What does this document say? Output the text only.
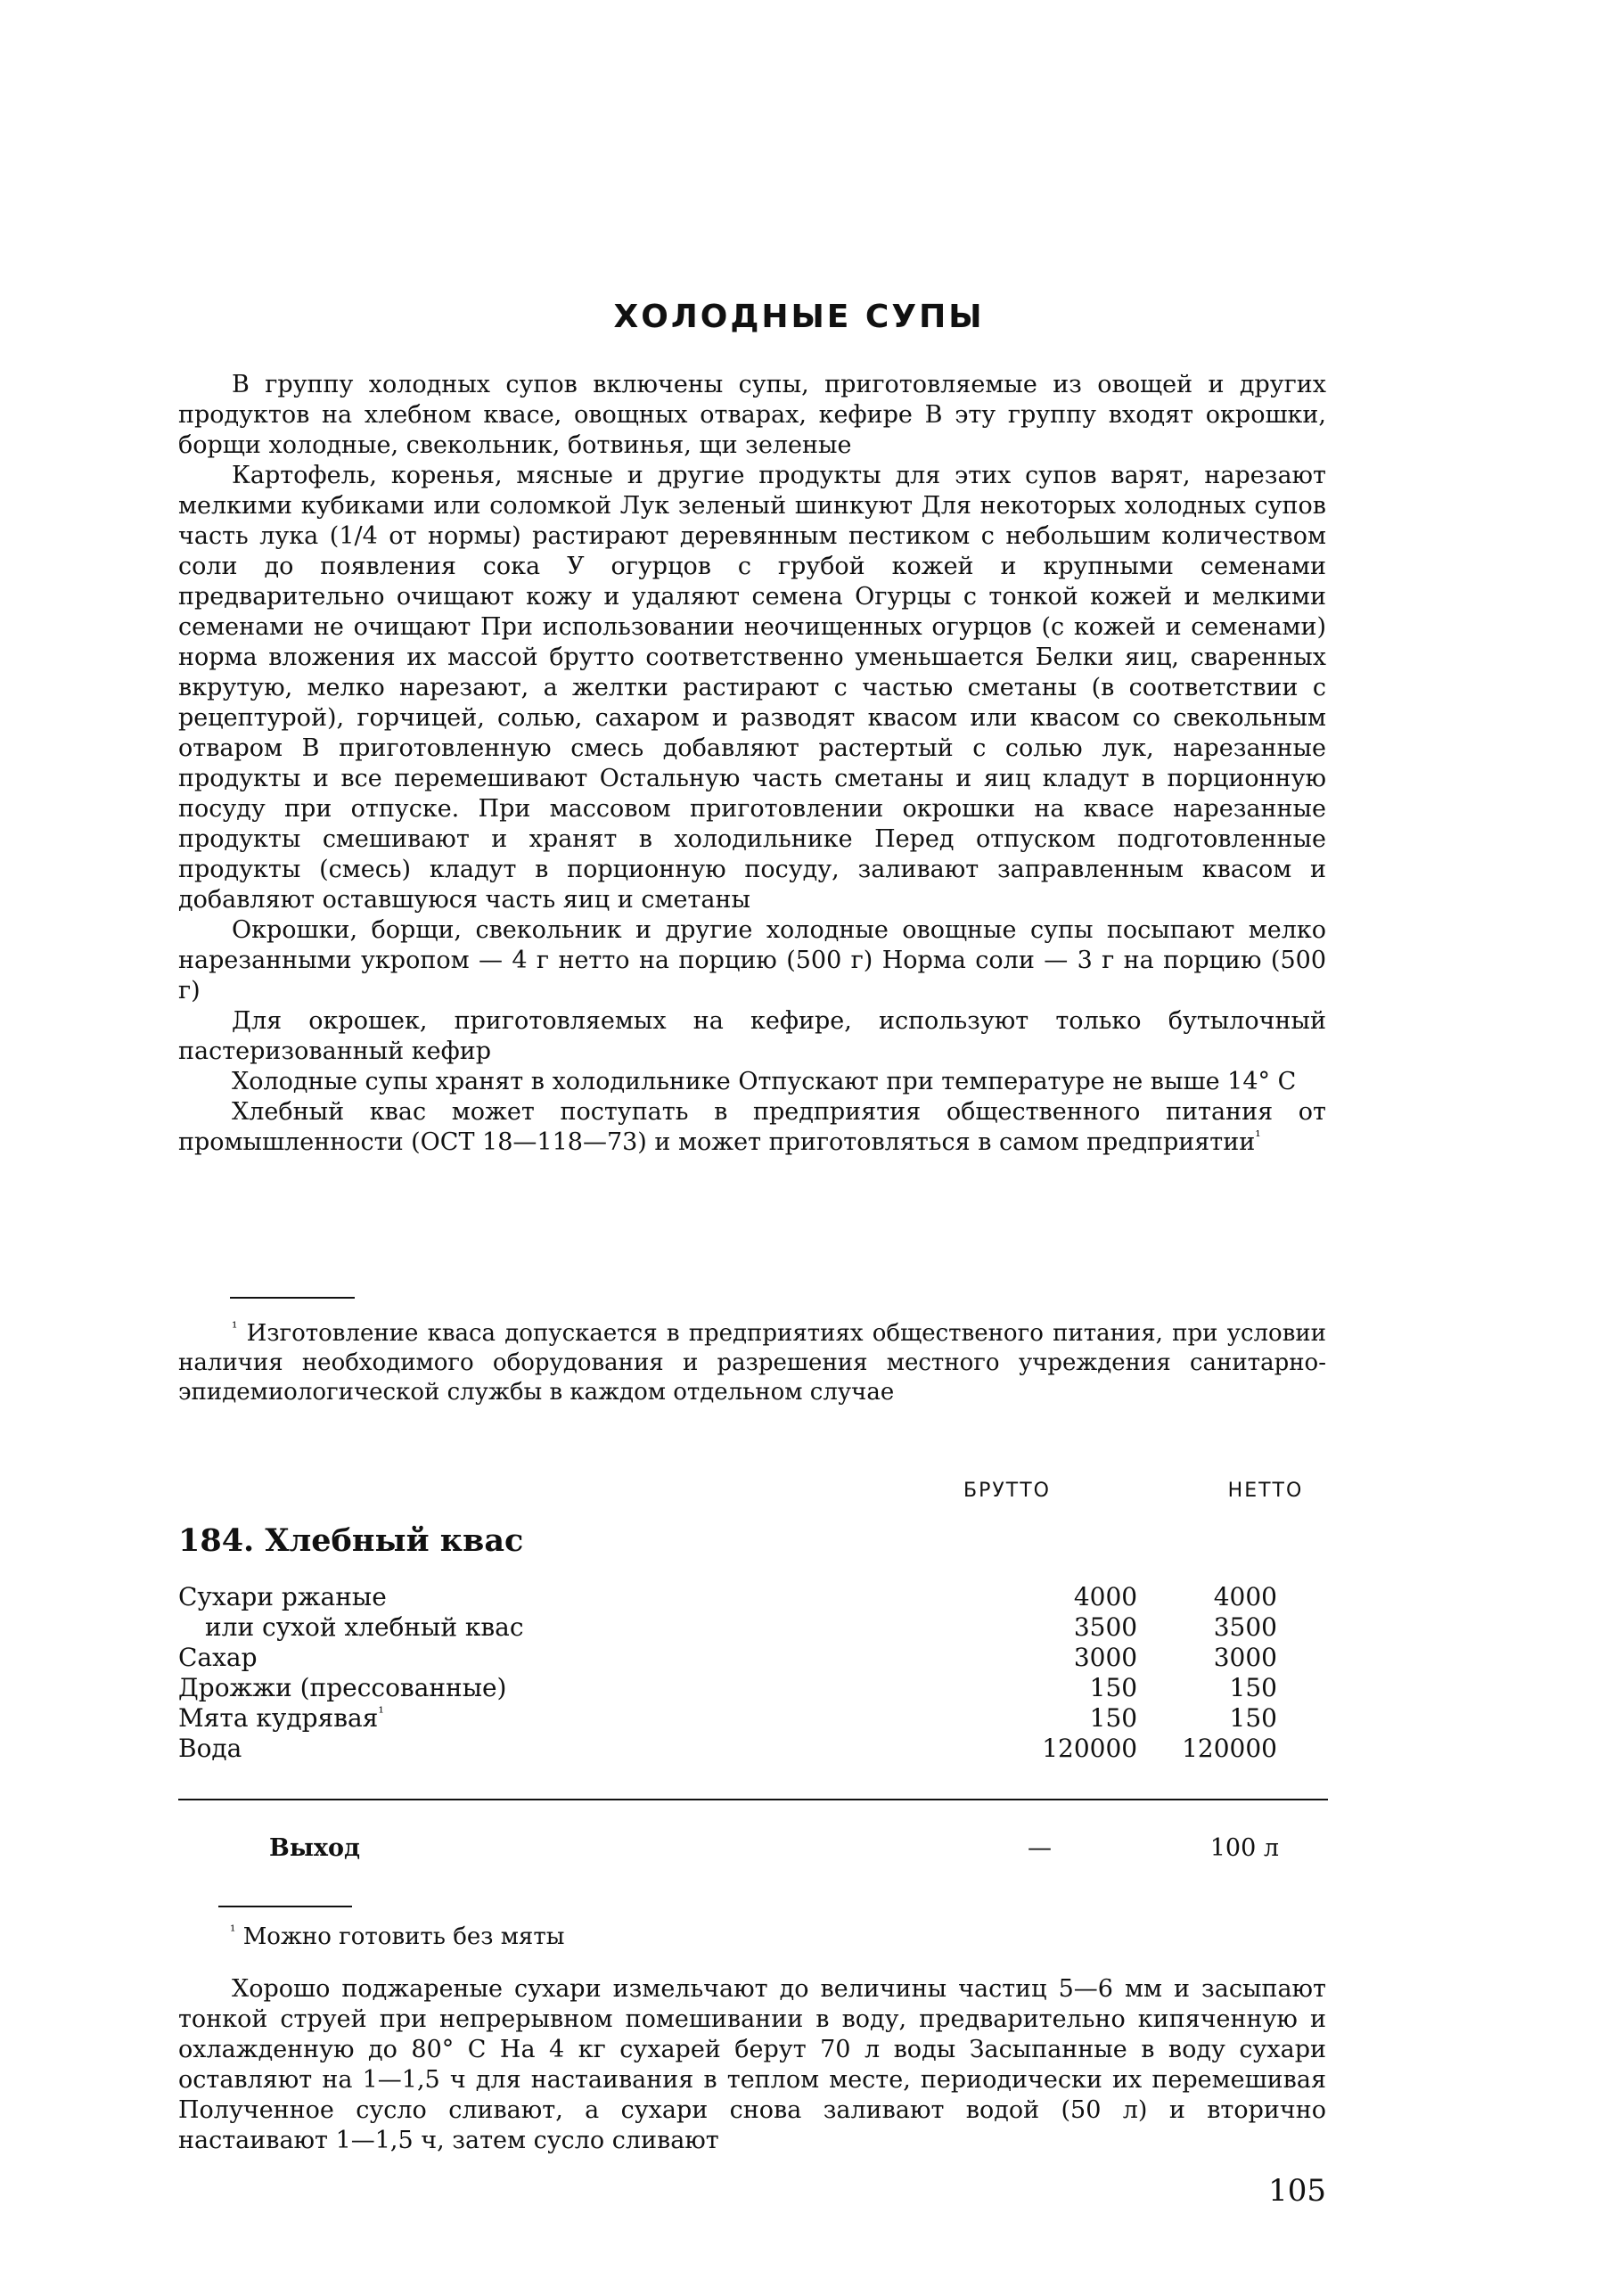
ХОЛОДНЫЕ СУПЫ

В группу холодных супов включены супы, приготовляемые из овощей и других продуктов на хлебном квасе, овощных отварах, кефире В эту группу входят окрошки, борщи холодные, свекольник, ботвинья, щи зеленые

Картофель, коренья, мясные и другие продукты для этих супов варят, нарезают мелкими кубиками или соломкой Лук зеленый шинкуют Для некоторых холодных супов часть лука (1/4 от нормы) растирают деревянным пестиком с небольшим количеством соли до появления сока У огурцов с грубой кожей и крупными семенами предварительно очищают кожу и удаляют семена Огурцы с тонкой кожей и мелкими семенами не очищают При использовании неочищенных огурцов (с кожей и семенами) норма вложения их массой брутто соответственно уменьшается Белки яиц, сваренных вкрутую, мелко нарезают, а желтки растирают с частью сметаны (в соответствии с рецептурой), горчицей, солью, сахаром и разводят квасом или квасом со свекольным отваром В приготовленную смесь добавляют растертый с солью лук, нарезанные продукты и все перемешивают Остальную часть сметаны и яиц кладут в порционную посуду при отпуске. При массовом приготовлении окрошки на квасе нарезанные продукты смешивают и хранят в холодильнике Перед отпуском подготовленные продукты (смесь) кладут в порционную посуду, заливают заправленным квасом и добавляют оставшуюся часть яиц и сметаны

Окрошки, борщи, свекольник и другие холодные овощные супы посыпают мелко нарезанными укропом — 4 г нетто на порцию (500 г) Норма соли — 3 г на порцию (500 г)

Для окрошек, приготовляемых на кефире, используют только бутылочный пастеризованный кефир

Холодные супы хранят в холодильнике Отпускают при температуре не выше 14° С

Хлебный квас может поступать в предприятия общественного питания от промышленности (ОСТ 18—118—73) и может приготовляться в самом предприятии$^{^1}$

$^{^1}$ Изготовление кваса допускается в предприятиях общественого питания, при условии наличия необходимого оборудования и разрешения местного учреждения санитарно-эпидемиологической службы в каждом отдельном случае

БРУТТО	НЕТТО
184. Хлебный квас
Сухари ржаные	4000	4000
или сухой хлебный квас	3500	3500
Сахар	3000	3000
Дрожжи (прессованные)	150	150
Мята кудрявая$^{^1}$	150	150
Вода	120000	120000
Выход	—	100 л
$^{^1}$ Можно готовить без мяты

Хорошо поджареные сухари измельчают до величины частиц 5—6 мм и засыпают тонкой струей при непрерывном помешивании в воду, предварительно кипяченную и охлажденную до 80° С На 4 кг сухарей берут 70 л воды Засыпанные в воду сухари оставляют на 1—1,5 ч для настаивания в теплом месте, периодически их перемешивая Полученное сусло сливают, а сухари снова заливают водой (50 л) и вторично настаивают 1—1,5 ч, затем сусло сливают

105
